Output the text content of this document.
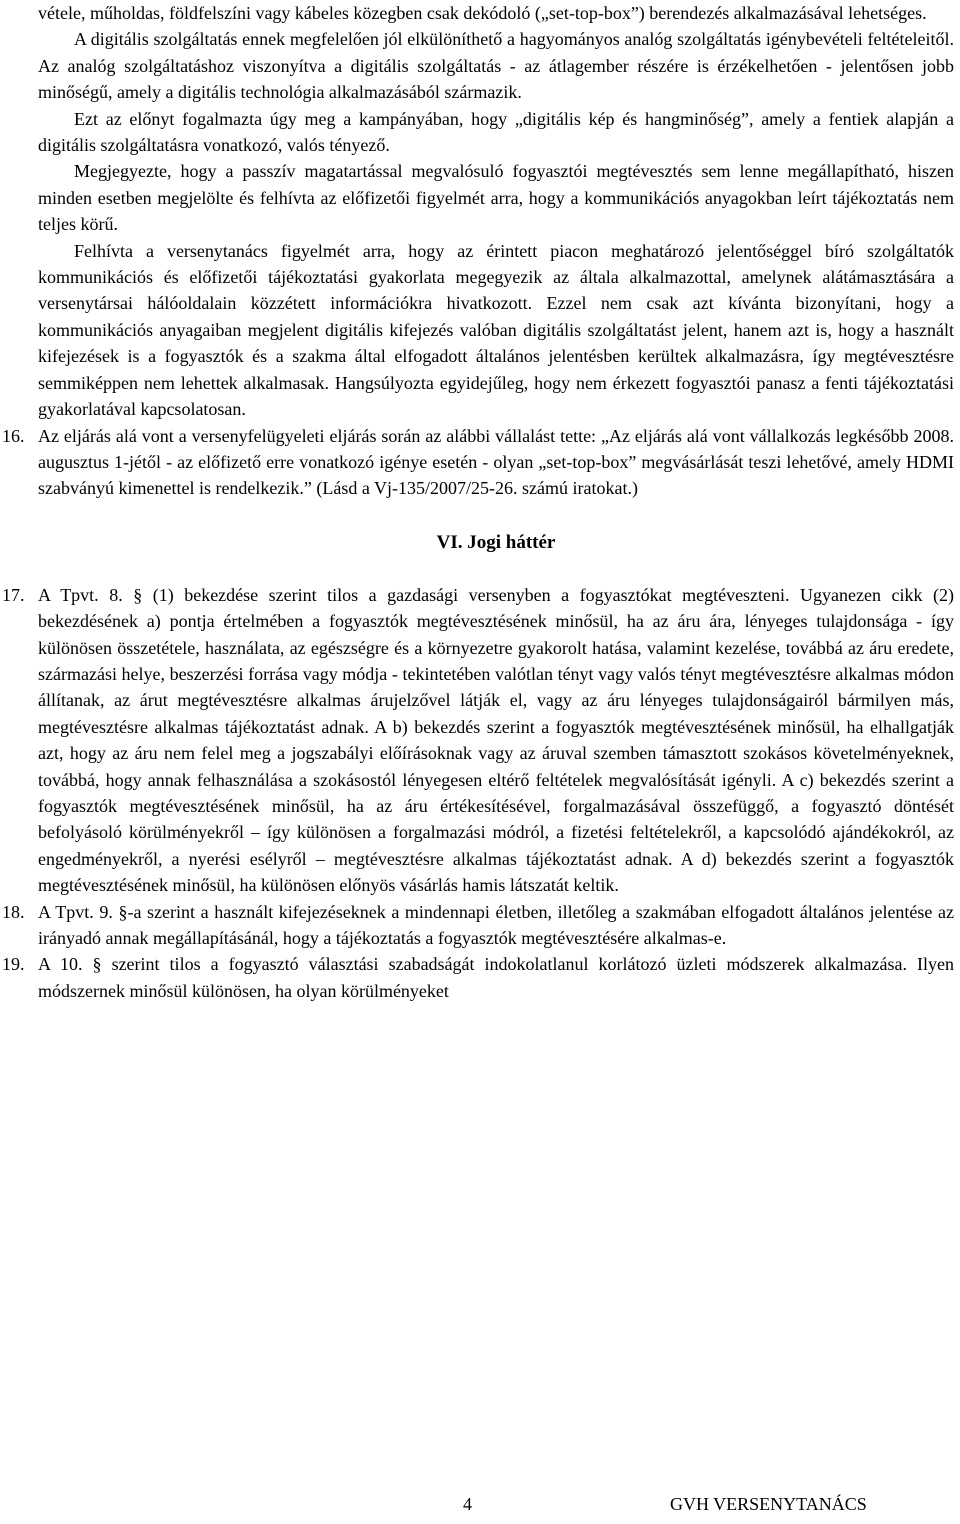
vétele, műholdas, földfelszíni vagy kábeles közegben csak dekódoló („set-top-box”) berendezés alkalmazásával lehetséges.

A digitális szolgáltatás ennek megfelelően jól elkülöníthető a hagyományos analóg szolgáltatás igénybevételi feltételeitől. Az analóg szolgáltatáshoz viszonyítva a digitális szolgáltatás - az átlagember részére is érzékelhetően - jelentősen jobb minőségű, amely a digitális technológia alkalmazásából származik.

Ezt az előnyt fogalmazta úgy meg a kampányában, hogy „digitális kép és hangminőség”, amely a fentiek alapján a digitális szolgáltatásra vonatkozó, valós tényező.

Megjegyezte, hogy a passzív magatartással megvalósuló fogyasztói megtévesztés sem lenne megállapítható, hiszen minden esetben megjelölte és felhívta az előfizetői figyelmét arra, hogy a kommunikációs anyagokban leírt tájékoztatás nem teljes körű.

Felhívta a versenytanács figyelmét arra, hogy az érintett piacon meghatározó jelentőséggel bíró szolgáltatók kommunikációs és előfizetői tájékoztatási gyakorlata megegyezik az általa alkalmazottal, amelynek alátámasztására a versenytársai hálóoldalain közzétett információkra hivatkozott. Ezzel nem csak azt kívánta bizonyítani, hogy a kommunikációs anyagaiban megjelent digitális kifejezés valóban digitális szolgáltatást jelent, hanem azt is, hogy a használt kifejezések is a fogyasztók és a szakma által elfogadott általános jelentésben kerültek alkalmazásra, így megtévesztésre semmiképpen nem lehettek alkalmasak. Hangsúlyozta egyidejűleg, hogy nem érkezett fogyasztói panasz a fenti tájékoztatási gyakorlatával kapcsolatosan.

16. Az eljárás alá vont a versenyfelügyeleti eljárás során az alábbi vállalást tette: „Az eljárás alá vont vállalkozás legkésőbb 2008. augusztus 1-jétől - az előfizető erre vonatkozó igénye esetén - olyan „set-top-box” megvásárlását teszi lehetővé, amely HDMI szabványú kimenettel is rendelkezik.” (Lásd a Vj-135/2007/25-26. számú iratokat.)

VI. Jogi háttér
17. A Tpvt. 8. § (1) bekezdése szerint tilos a gazdasági versenyben a fogyasztókat megtéveszteni. Ugyanezen cikk (2) bekezdésének a) pontja értelmében a fogyasztók megtévesztésének minősül, ha az áru ára, lényeges tulajdonsága - így különösen összetétele, használata, az egészségre és a környezetre gyakorolt hatása, valamint kezelése, továbbá az áru eredete, származási helye, beszerzési forrása vagy módja - tekintetében valótlan tényt vagy valós tényt megtévesztésre alkalmas módon állítanak, az árut megtévesztésre alkalmas árujelzővel látják el, vagy az áru lényeges tulajdonságairól bármilyen más, megtévesztésre alkalmas tájékoztatást adnak. A b) bekezdés szerint a fogyasztók megtévesztésének minősül, ha elhallgatják azt, hogy az áru nem felel meg a jogszabályi előírásoknak vagy az áruval szemben támasztott szokásos követelményeknek, továbbá, hogy annak felhasználása a szokásostól lényegesen eltérő feltételek megvalósítását igényli. A c) bekezdés szerint a fogyasztók megtévesztésének minősül, ha az áru értékesítésével, forgalmazásával összefüggő, a fogyasztó döntését befolyásoló körülményekről – így különösen a forgalmazási módról, a fizetési feltételekről, a kapcsolódó ajándékokról, az engedményekről, a nyerési esélyről – megtévesztésre alkalmas tájékoztatást adnak. A d) bekezdés szerint a fogyasztók megtévesztésének minősül, ha különösen előnyös vásárlás hamis látszatát keltik.

18. A Tpvt. 9. §-a szerint a használt kifejezéseknek a mindennapi életben, illetőleg a szakmában elfogadott általános jelentése az irányadó annak megállapításánál, hogy a tájékoztatás a fogyasztók megtévesztésére alkalmas-e.

19. A 10. § szerint tilos a fogyasztó választási szabadságát indokolatlanul korlátozó üzleti módszerek alkalmazása. Ilyen módszernek minősül különösen, ha olyan körülményeket

4	GVH VERSENYTANÁCS
